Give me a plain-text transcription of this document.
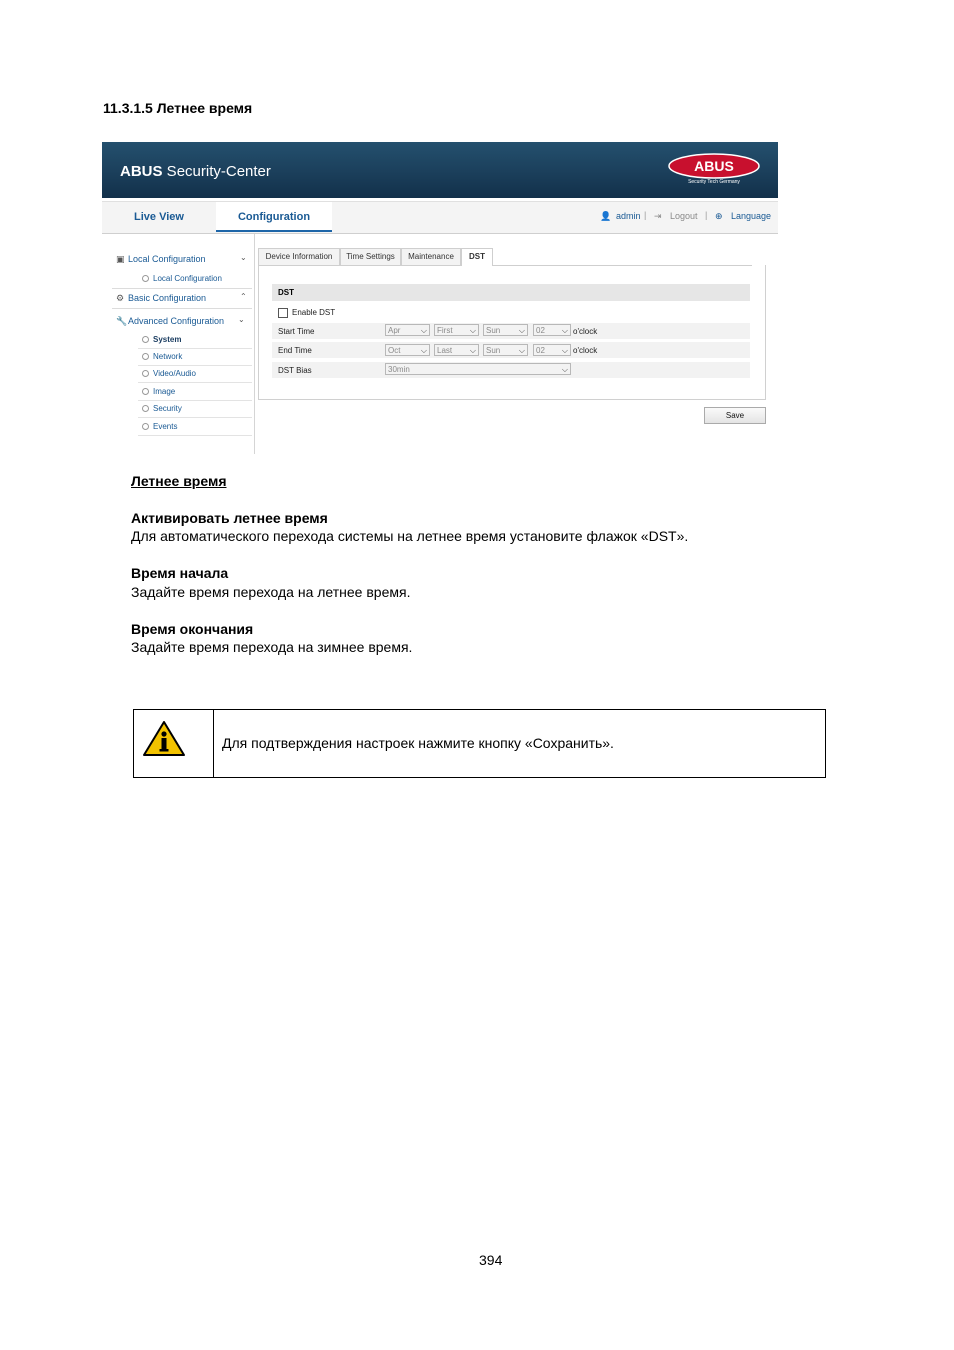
11.3.1.5 Летнее время
ABUS Security-Center	ABUS
Security Tech Germany
Live View	Configuration	👤 admin | ⇥ Logout | ⊕ Language
▣ Local Configuration	⌄
Local Configuration
⚙ Basic Configuration	⌃
🔧Advanced Configuration ⌄
System
Network
Video/Audio
Image
Security
Events
Device Information	Time Settings	Maintenance	DST
DST
Enable DST
Start Time	Apr	⌵	First ⌵	Sun ⌵	02 ⌵ o'clock
End Time	Oct	⌵	Last ⌵	Sun ⌵	02 ⌵ o'clock
DST Bias	30min	⌵
Save
Летнее время
Активировать летнее время
Для автоматического перехода системы на летнее время установите флажок «DST».
Время начала
Задайте время перехода на летнее время.
Время окончания
Задайте время перехода на зимнее время.
Для подтверждения настроек нажмите кнопку «Сохранить».
394
